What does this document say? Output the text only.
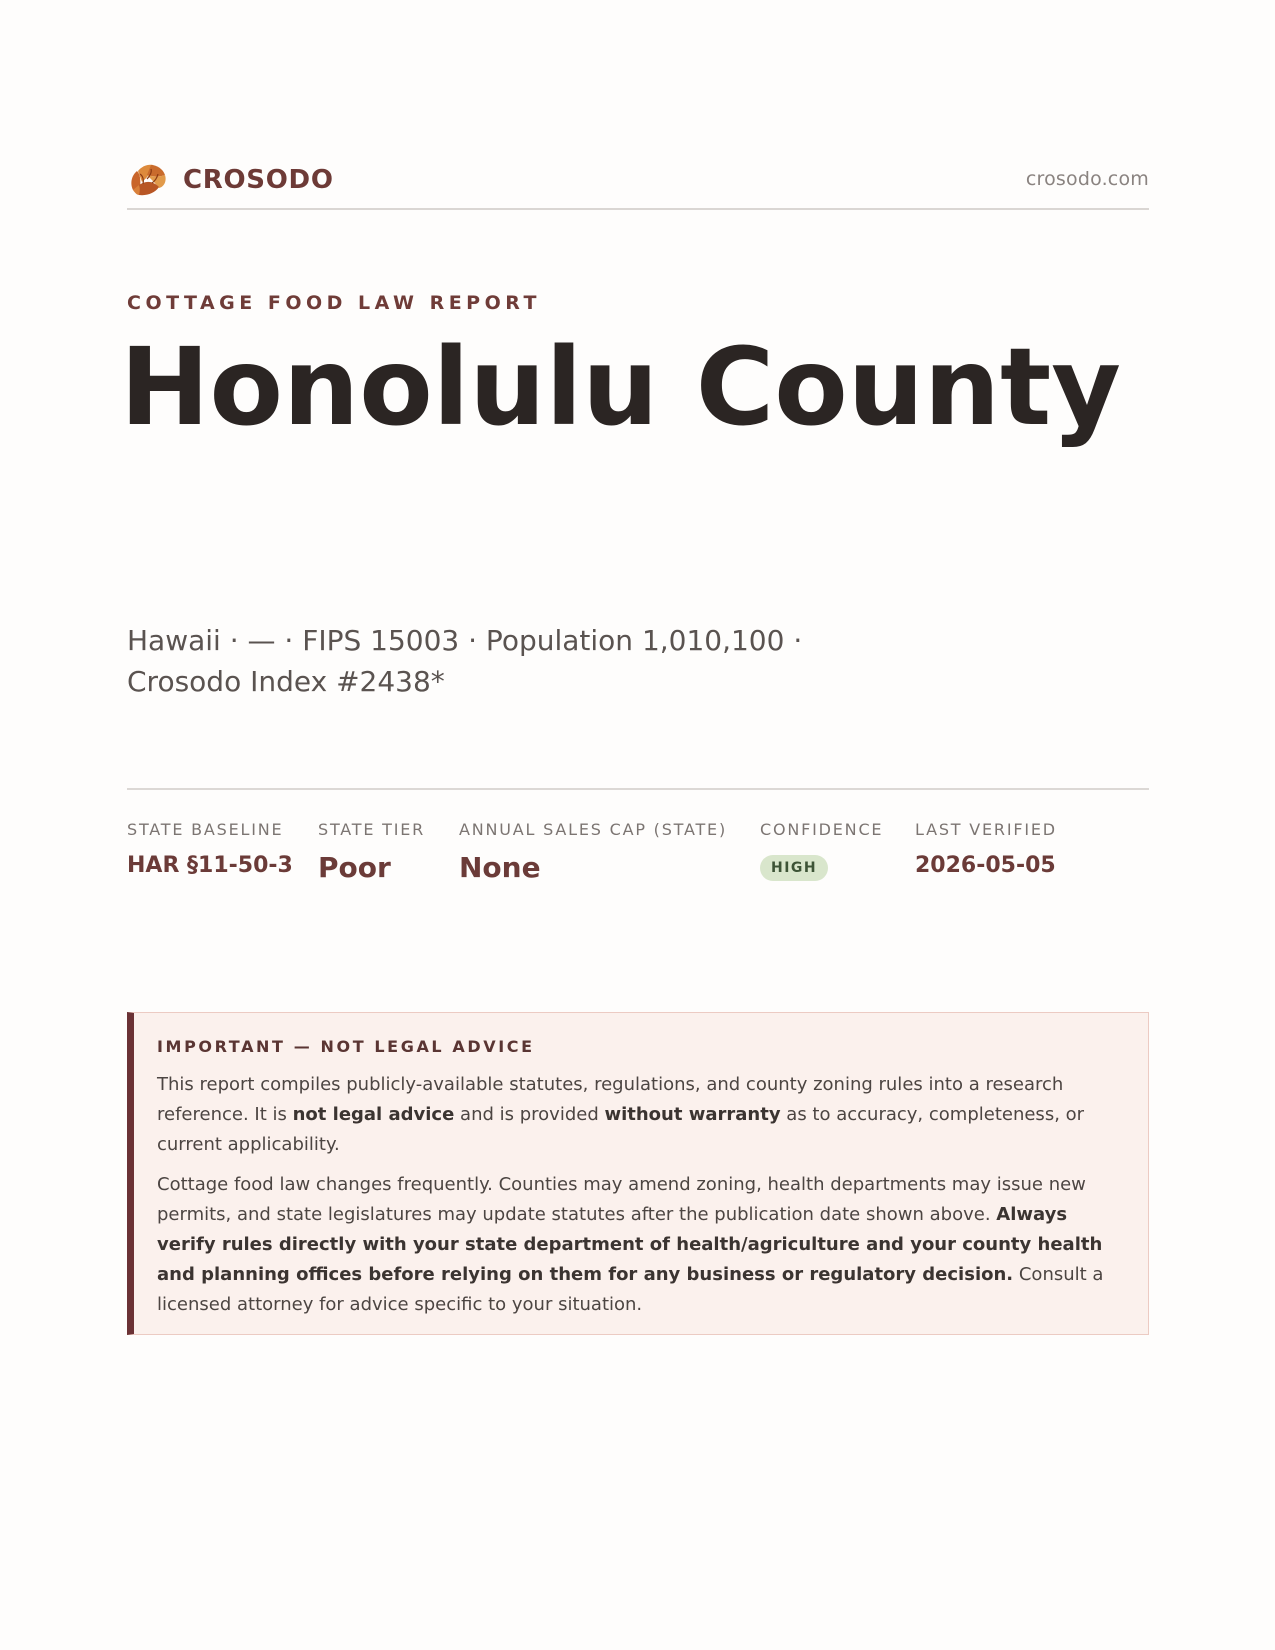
CROSODO	crosodo.com
COTTAGE FOOD LAW REPORT
Honolulu County
Hawaii · — · FIPS 15003 · Population 1,010,100 · Crosodo Index #2438*
STATE BASELINE
HAR §11-50-3
STATE TIER
Poor
ANNUAL SALES CAP (STATE)
None
CONFIDENCE
HIGH
LAST VERIFIED
2026-05-05
IMPORTANT — NOT LEGAL ADVICE

This report compiles publicly-available statutes, regulations, and county zoning rules into a research reference. It is not legal advice and is provided without warranty as to accuracy, completeness, or current applicability.

Cottage food law changes frequently. Counties may amend zoning, health departments may issue new permits, and state legislatures may update statutes after the publication date shown above. Always verify rules directly with your state department of health/agriculture and your county health and planning offices before relying on them for any business or regulatory decision. Consult a licensed attorney for advice specific to your situation.
